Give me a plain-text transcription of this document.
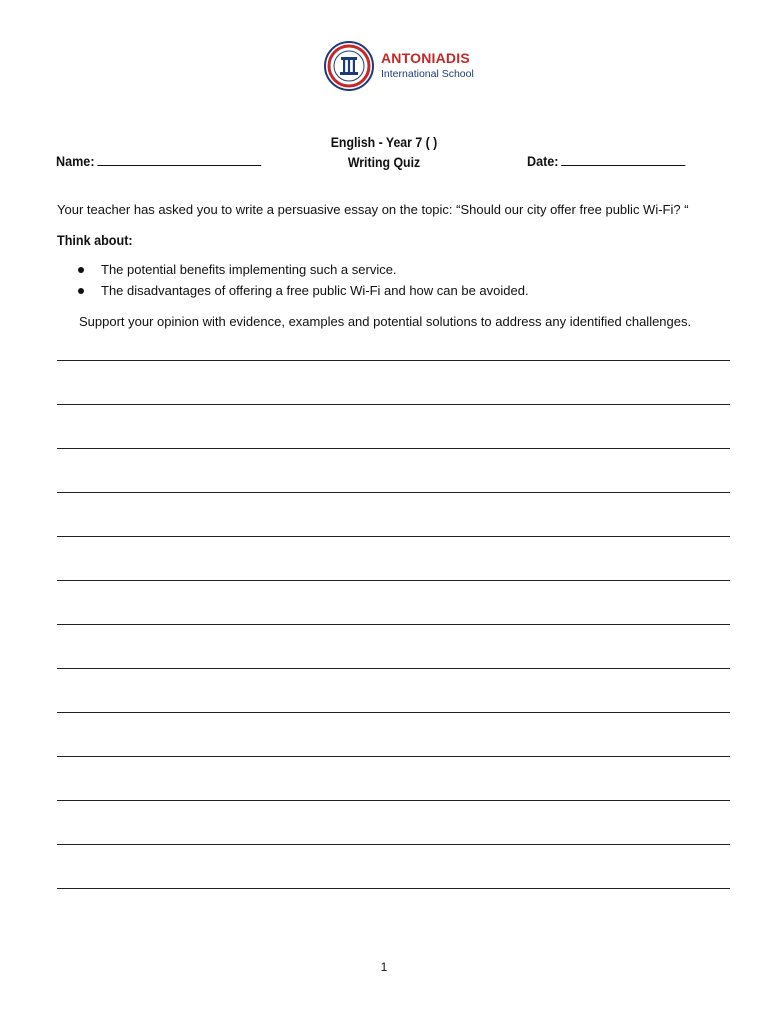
ANTONIADIS
International School
English - Year 7 ( )
Writing Quiz
Name:	Date:
Your teacher has asked you to write a persuasive essay on the topic: “Should our city offer free public Wi-Fi? “
Think about:
The potential benefits implementing such a service.
The disadvantages of offering a free public Wi-Fi and how can be avoided.
Support your opinion with evidence, examples and potential solutions to address any identified challenges.
1
